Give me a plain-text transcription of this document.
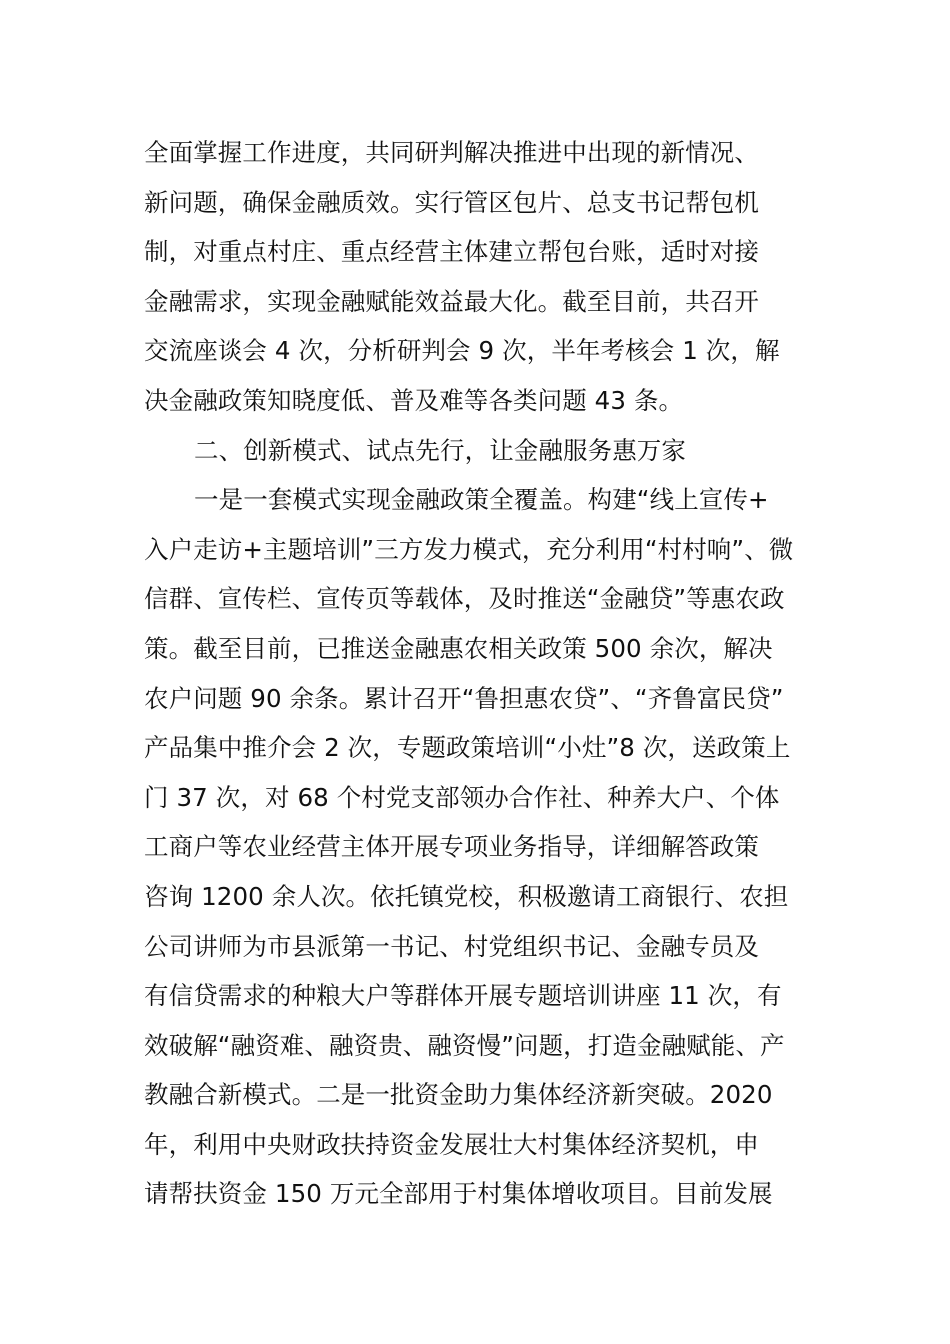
全面掌握工作进度，共同研判解决推进中出现的新情况、
新问题，确保金融质效。实行管区包片、总支书记帮包机
制，对重点村庄、重点经营主体建立帮包台账，适时对接
金融需求，实现金融赋能效益最大化。截至目前，共召开
交流座谈会 4 次，分析研判会 9 次，半年考核会 1 次，解
决金融政策知晓度低、普及难等各类问题 43 条。
二、创新模式、试点先行，让金融服务惠万家
一是一套模式实现金融政策全覆盖。构建“线上宣传+
入户走访+主题培训”三方发力模式，充分利用“村村响”、微
信群、宣传栏、宣传页等载体，及时推送“金融贷”等惠农政
策。截至目前，已推送金融惠农相关政策 500 余次，解决
农户问题 90 余条。累计召开“鲁担惠农贷”、“齐鲁富民贷”
产品集中推介会 2 次，专题政策培训“小灶”8 次，送政策上
门 37 次，对 68 个村党支部领办合作社、种养大户、个体
工商户等农业经营主体开展专项业务指导，详细解答政策
咨询 1200 余人次。依托镇党校，积极邀请工商银行、农担
公司讲师为市县派第一书记、村党组织书记、金融专员及
有信贷需求的种粮大户等群体开展专题培训讲座 11 次，有
效破解“融资难、融资贵、融资慢”问题，打造金融赋能、产
教融合新模式。二是一批资金助力集体经济新突破。2020
年，利用中央财政扶持资金发展壮大村集体经济契机，申
请帮扶资金 150 万元全部用于村集体增收项目。目前发展
